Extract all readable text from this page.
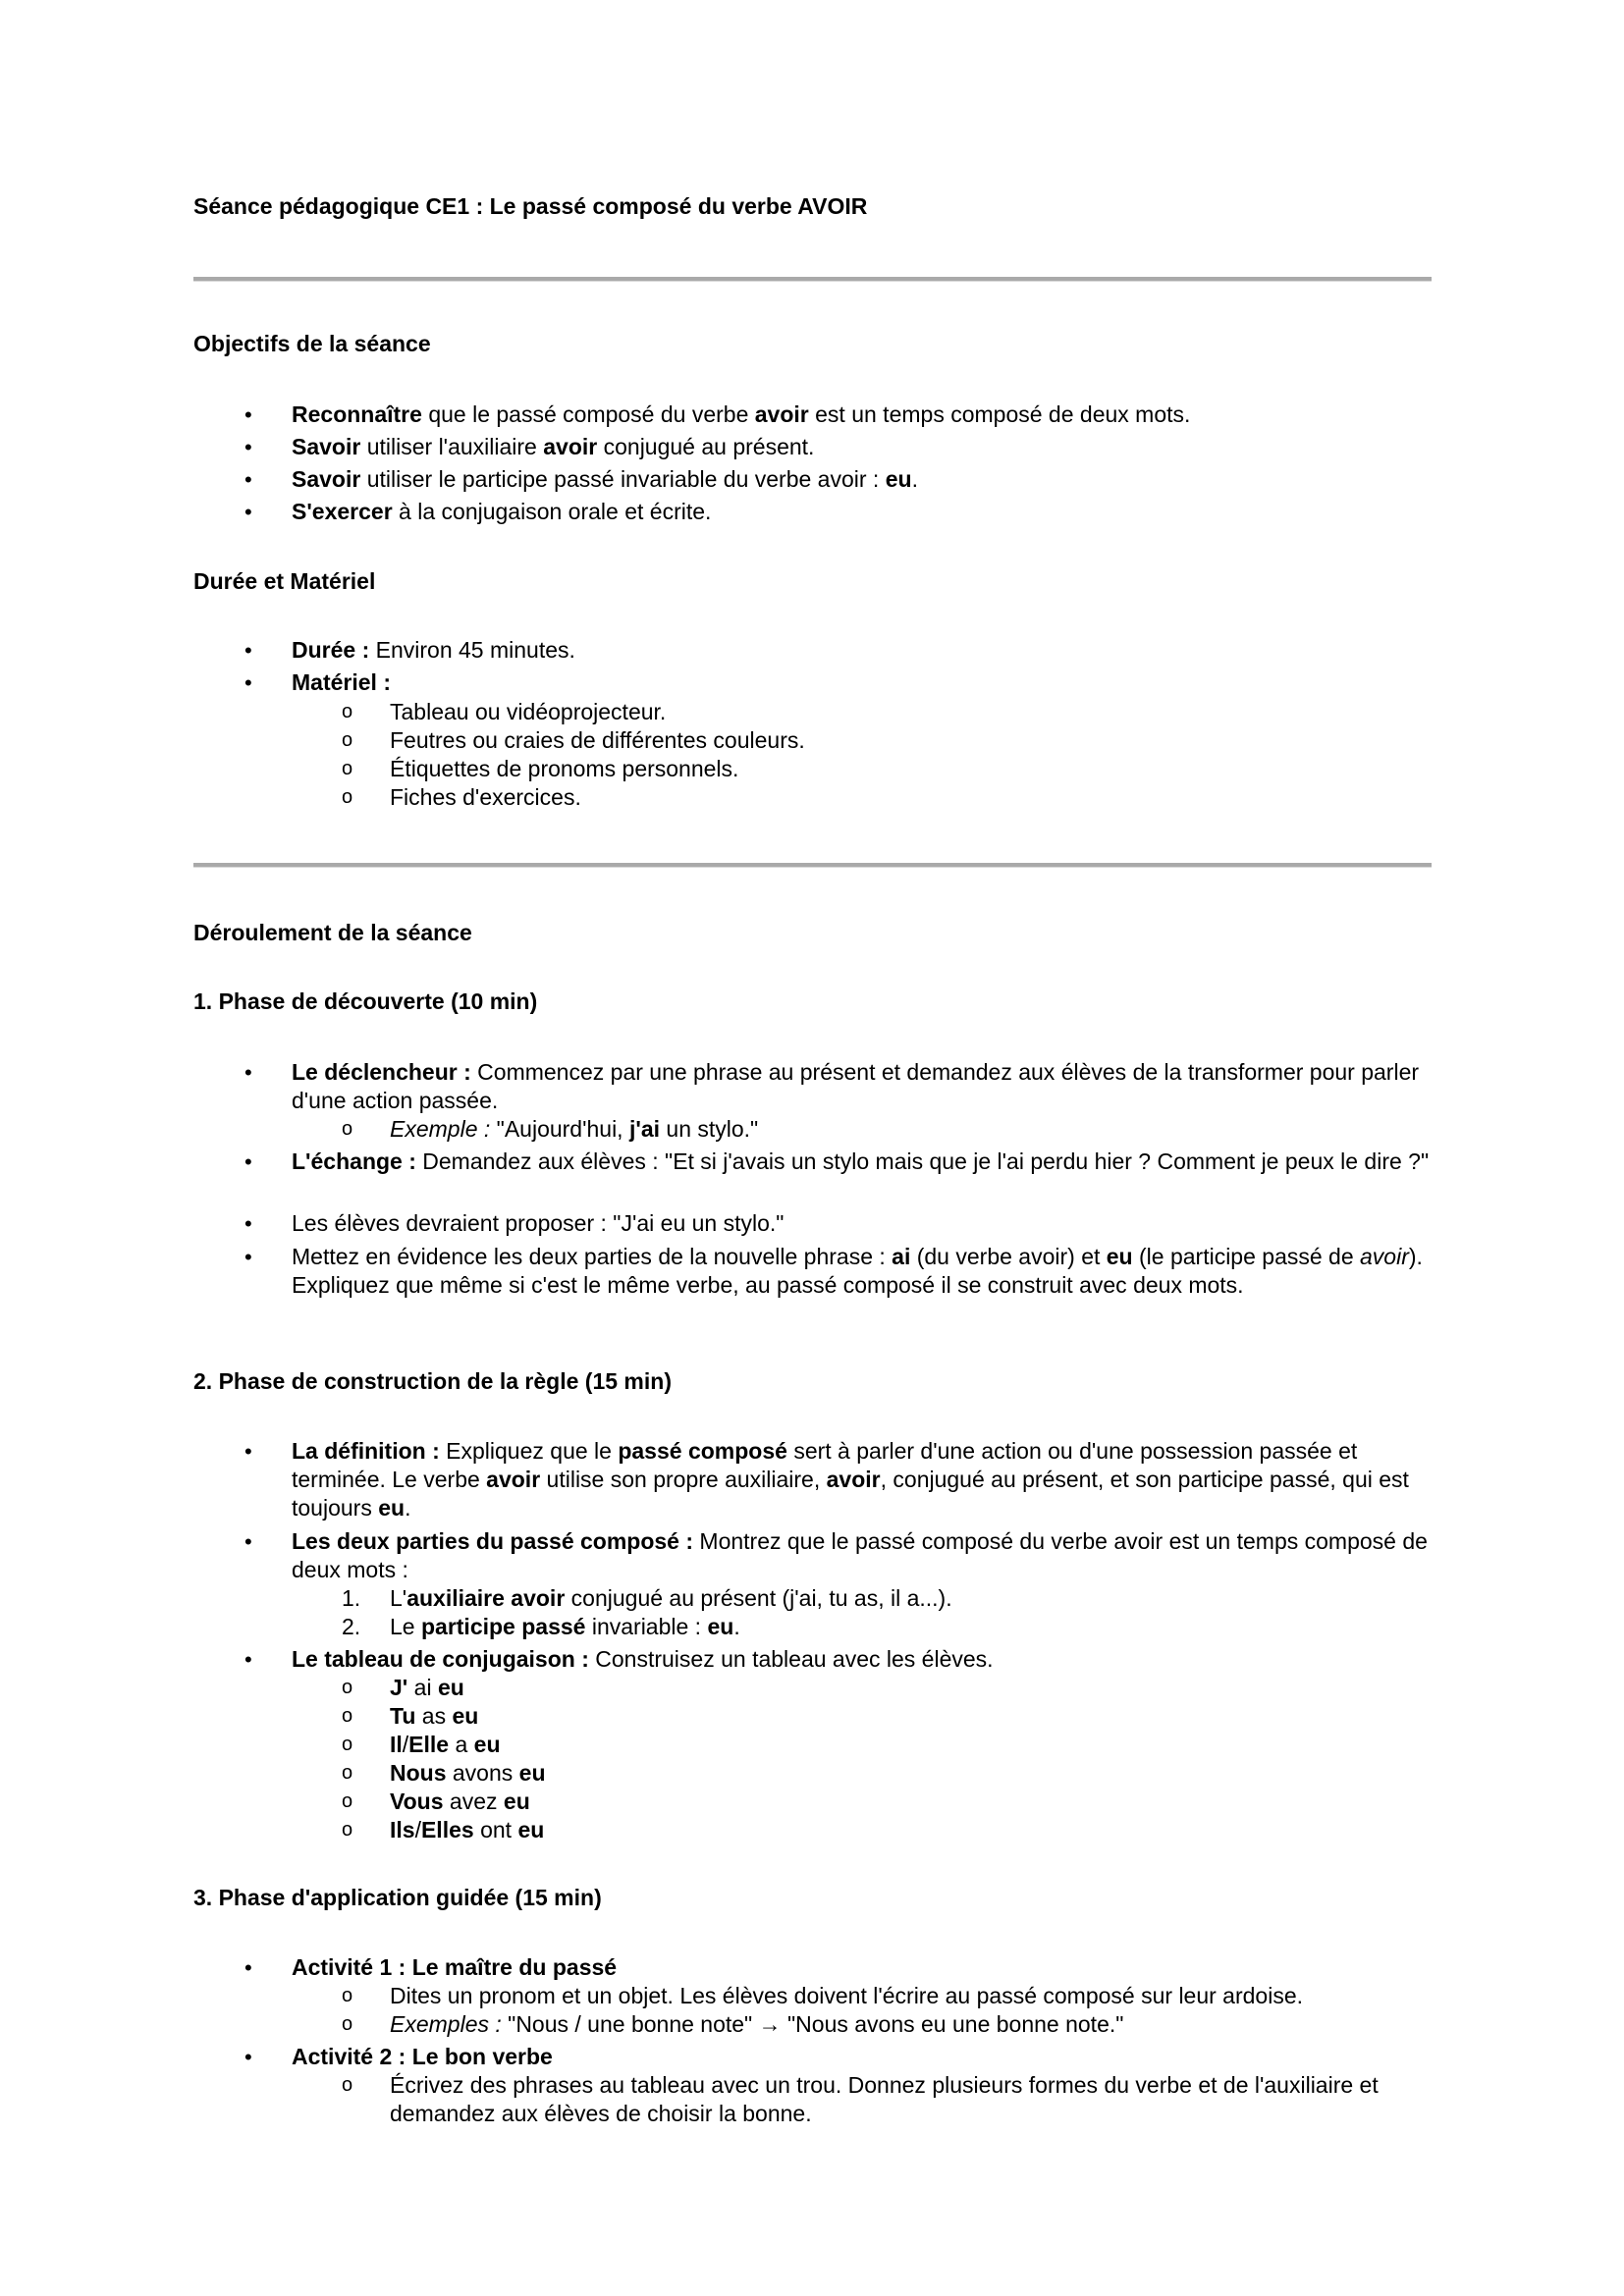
Séance pédagogique CE1 : Le passé composé du verbe AVOIR
Objectifs de la séance
• Reconnaître que le passé composé du verbe avoir est un temps composé de deux mots.
• Savoir utiliser l'auxiliaire avoir conjugué au présent.
• Savoir utiliser le participe passé invariable du verbe avoir : eu.
• S'exercer à la conjugaison orale et écrite.
Durée et Matériel
• Durée : Environ 45 minutes.
• Matériel :
o Tableau ou vidéoprojecteur.
o Feutres ou craies de différentes couleurs.
o Étiquettes de pronoms personnels.
o Fiches d'exercices.
Déroulement de la séance
1. Phase de découverte (10 min)
• Le déclencheur : Commencez par une phrase au présent et demandez aux élèves de la transformer pour parler d'une action passée.
o Exemple : "Aujourd'hui, j'ai un stylo."
• L'échange : Demandez aux élèves : "Et si j'avais un stylo mais que je l'ai perdu hier ? Comment je peux le dire ?"
• Les élèves devraient proposer : "J'ai eu un stylo."
• Mettez en évidence les deux parties de la nouvelle phrase : ai (du verbe avoir) et eu (le participe passé de avoir). Expliquez que même si c'est le même verbe, au passé composé il se construit avec deux mots.
2. Phase de construction de la règle (15 min)
• La définition : Expliquez que le passé composé sert à parler d'une action ou d'une possession passée et terminée. Le verbe avoir utilise son propre auxiliaire, avoir, conjugué au présent, et son participe passé, qui est toujours eu.
• Les deux parties du passé composé : Montrez que le passé composé du verbe avoir est un temps composé de deux mots :
1. L'auxiliaire avoir conjugué au présent (j'ai, tu as, il a...).
2. Le participe passé invariable : eu.
• Le tableau de conjugaison : Construisez un tableau avec les élèves.
o J' ai eu
o Tu as eu
o Il/Elle a eu
o Nous avons eu
o Vous avez eu
o Ils/Elles ont eu
3. Phase d'application guidée (15 min)
• Activité 1 : Le maître du passé
o Dites un pronom et un objet. Les élèves doivent l'écrire au passé composé sur leur ardoise.
o Exemples : "Nous / une bonne note" → "Nous avons eu une bonne note."
• Activité 2 : Le bon verbe
o Écrivez des phrases au tableau avec un trou. Donnez plusieurs formes du verbe et de l'auxiliaire et demandez aux élèves de choisir la bonne.
